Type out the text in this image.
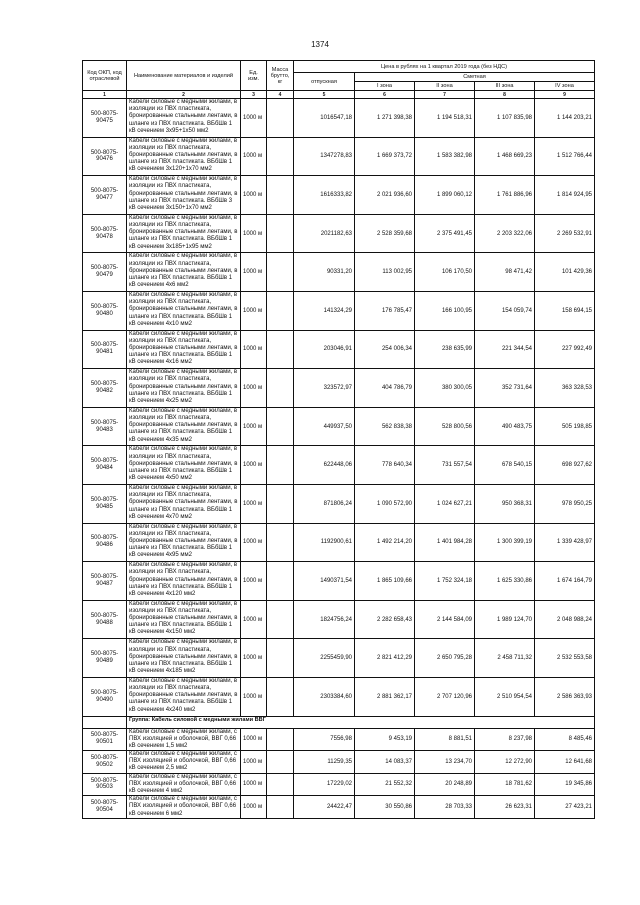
1374
Код ОКП, код отраслевой	Наименование материалов и изделий	Ед. изм.	Масса брутто, кг	Цена в рублях на 1 квартал 2019 года (без НДС)				
				отпускная	Сметная			
					I зона	II зона	III зона	IV зона
1	2	3	4	5	6	7	8	9
500-8075-90475	Кабели силовые с медными жилами, в изоляции из ПВХ пластиката, бронированные стальными лентами, в шланге из ПВХ пластиката. ВБбШв 1 кВ сечением 3х95+1х50 мм2	1000 м		1016547,18	1 271 398,38	1 194 518,31	1 107 835,98	1 144 203,21
500-8075-90476	Кабели силовые с медными жилами, в изоляции из ПВХ пластиката, бронированные стальными лентами, в шланге из ПВХ пластиката. ВБбШв 1 кВ сечением 3х120+1х70 мм2	1000 м		1347278,83	1 669 373,72	1 583 382,98	1 468 669,23	1 512 766,44
500-8075-90477	Кабели силовые с медными жилами, в изоляции из ПВХ пластиката, бронированные стальными лентами, в шланге из ПВХ пластиката. ВБбШв 3 кВ сечением 3х150+1х70 мм2	1000 м		1616333,82	2 021 936,60	1 899 060,12	1 761 886,96	1 814 924,95
500-8075-90478	Кабели силовые с медными жилами, в изоляции из ПВХ пластиката, бронированные стальными лентами, в шланге из ПВХ пластиката. ВБбШв 1 кВ сечением 3х185+1х95 мм2	1000 м		2021182,63	2 528 359,68	2 375 491,45	2 203 322,06	2 269 532,91
500-8075-90479	Кабели силовые с медными жилами, в изоляции из ПВХ пластиката, бронированные стальными лентами, в шланге из ПВХ пластиката. ВБбШв 1 кВ сечением 4х6 мм2	1000 м		90331,20	113 002,95	106 170,50	98 471,42	101 429,36
500-8075-90480	Кабели силовые с медными жилами, в изоляции из ПВХ пластиката, бронированные стальными лентами, в шланге из ПВХ пластиката. ВБбШв 1 кВ сечением 4х10 мм2	1000 м		141324,29	176 785,47	166 100,95	154 059,74	158 694,15
500-8075-90481	Кабели силовые с медными жилами, в изоляции из ПВХ пластиката, бронированные стальными лентами, в шланге из ПВХ пластиката. ВБбШв 1 кВ сечением 4х16 мм2	1000 м		203046,91	254 006,34	238 635,99	221 344,54	227 992,49
500-8075-90482	Кабели силовые с медными жилами, в изоляции из ПВХ пластиката, бронированные стальными лентами, в шланге из ПВХ пластиката. ВБбШв 1 кВ сечением 4х25 мм2	1000 м		323572,97	404 786,79	380 300,05	352 731,64	363 328,53
500-8075-90483	Кабели силовые с медными жилами, в изоляции из ПВХ пластиката, бронированные стальными лентами, в шланге из ПВХ пластиката. ВБбШв 1 кВ сечением 4х35 мм2	1000 м		449937,50	562 838,38	528 800,56	490 483,75	505 198,85
500-8075-90484	Кабели силовые с медными жилами, в изоляции из ПВХ пластиката, бронированные стальными лентами, в шланге из ПВХ пластиката. ВБбШв 1 кВ сечением 4х50 мм2	1000 м		622448,06	778 640,34	731 557,54	678 540,15	698 927,62
500-8075-90485	Кабели силовые с медными жилами, в изоляции из ПВХ пластиката, бронированные стальными лентами, в шланге из ПВХ пластиката. ВБбШв 1 кВ сечением 4х70 мм2	1000 м		871806,24	1 090 572,90	1 024 627,21	950 368,31	978 950,25
500-8075-90486	Кабели силовые с медными жилами, в изоляции из ПВХ пластиката, бронированные стальными лентами, в шланге из ПВХ пластиката. ВБбШв 1 кВ сечением 4х95 мм2	1000 м		1192900,61	1 492 214,20	1 401 984,28	1 300 399,19	1 339 428,97
500-8075-90487	Кабели силовые с медными жилами, в изоляции из ПВХ пластиката, бронированные стальными лентами, в шланге из ПВХ пластиката. ВБбШв 1 кВ сечением 4х120 мм2	1000 м		1490371,54	1 865 109,66	1 752 324,18	1 625 330,86	1 674 164,79
500-8075-90488	Кабели силовые с медными жилами, в изоляции из ПВХ пластиката, бронированные стальными лентами, в шланге из ПВХ пластиката. ВБбШв 1 кВ сечением 4х150 мм2	1000 м		1824756,24	2 282 658,43	2 144 584,09	1 989 124,70	2 048 988,24
500-8075-90489	Кабели силовые с медными жилами, в изоляции из ПВХ пластиката, бронированные стальными лентами, в шланге из ПВХ пластиката. ВБбШв 1 кВ сечением 4х185 мм2	1000 м		2255459,90	2 821 412,29	2 650 795,28	2 458 711,32	2 532 553,58
500-8075-90490	Кабели силовые с медными жилами, в изоляции из ПВХ пластиката, бронированные стальными лентами, в шланге из ПВХ пластиката. ВБбШв 1 кВ сечением 4х240 мм2	1000 м		2303384,60	2 881 362,17	2 707 120,96	2 510 954,54	2 586 363,93
	Группа: Кабель силовой с медными жилами ВВГ							
500-8075-90501	Кабели силовые с медными жилами, с ПВХ изоляцией и оболочкой, ВВГ 0,66 кВ сечением 1,5 мм2	1000 м		7556,98	9 453,19	8 881,51	8 237,98	8 485,46
500-8075-90502	Кабели силовые с медными жилами, с ПВХ изоляцией и оболочкой, ВВГ 0,66 кВ сечением 2,5 мм2	1000 м		11259,35	14 083,37	13 234,70	12 272,90	12 641,68
500-8075-90503	Кабели силовые с медными жилами, с ПВХ изоляцией и оболочкой, ВВГ 0,66 кВ сечением 4 мм2	1000 м		17229,02	21 552,32	20 248,89	18 781,62	19 345,86
500-8075-90504	Кабели силовые с медными жилами, с ПВХ изоляцией и оболочкой, ВВГ 0,66 кВ сечением 6 мм2	1000 м		24422,47	30 550,86	28 703,33	26 623,31	27 423,21
